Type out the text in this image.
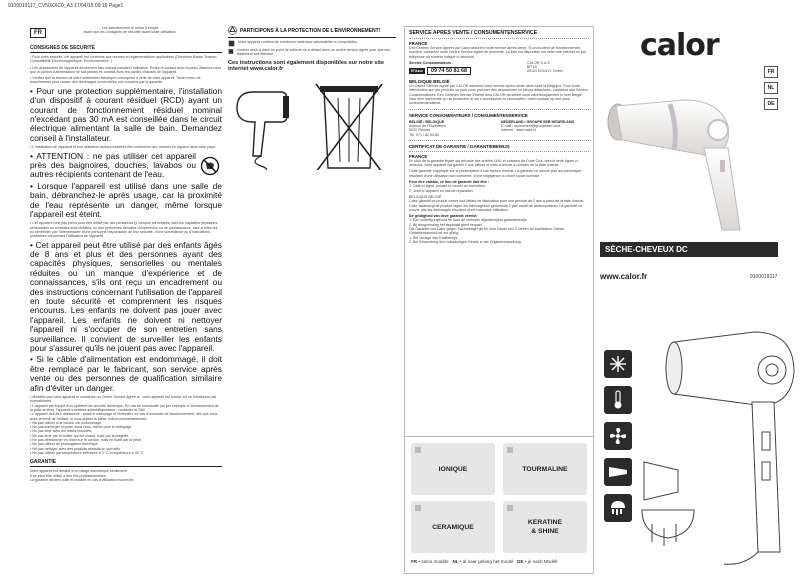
9100019117_CV50XXC0_A3 17/04/15 09:16 Page1
FR
Lire attentivement le mode d'emploi
avant que les consignes de sécurité avant toute utilisation.
CONSIGNES DE SECURITE
• Pour votre sécurité, cet appareil est conforme aux normes et réglementations applicables (Directives Basse Tension, Compatibilité Electromagnétique, Environnement...).
• Les accessoires de l'appareil deviennent très chauds pendant l'utilisation. Evitez le contact avec la peau. Assurez-vous que le cordon d'alimentation ne soit jamais en contact avec les parties chaudes de l'appareil.
• Vérifiez que la tension de votre installation électrique correspond à celle de votre appareil. Toute erreur de branchement peut causer des dommages irréversibles non couverts par la garantie.
• Pour une protection supplémentaire, l'installation d'un dispositif à courant résiduel (RCD) ayant un courant de fonctionnement résiduel nominal n'excédant pas 30 mA est conseillée dans le circuit électrique alimentant la salle de bain. Demandez conseil à l'installateur.
• L'installation de l'appareil et son utilisation doivent toutefois être conformes aux normes en vigueur dans votre pays.
• ATTENTION : ne pas utiliser cet appareil près des baignoires, douches, lavabos ou autres récipients contenant de l'eau.
• Lorsque l'appareil est utilisé dans une salle de bain, débranchez-le après usage, car la proximité de l'eau représente un danger, même lorsque l'appareil est éteint.
• Cet appareil n'est pas prévu pour être utilisé par des personnes (y compris les enfants) dont les capacités physiques, sensorielles ou mentales sont réduites, ou des personnes dénuées d'expérience ou de connaissance, sauf si elles ont pu bénéficier, par l'intermédiaire d'une personne responsable de leur sécurité, d'une surveillance ou d'instructions préalables concernant l'utilisation de l'appareil.
• Cet appareil peut être utilisé par des enfants âgés de 8 ans et plus et des personnes ayant des capacités physiques, sensorielles ou mentales réduites ou un manque d'expérience et de connaissances, s'ils ont reçu un encadrement ou des instructions concernant l'utilisation de l'appareil en toute sécurité et comprennent les risques encourus. Les enfants ne doivent pas jouer avec l'appareil. Les enfants ne doivent ni nettoyer l'appareil ni s'occuper de son entretien sans surveillance. Il convient de surveiller les enfants pour s'assurer qu'ils ne jouent pas avec l'appareil.
• Si le câble d'alimentation est endommagé, il doit être remplacé par le fabricant, son service après vente ou des personnes de qualification similaire afin d'éviter un danger.
• Modifiez pas votre appareil et contactez un Centre Service Agréé si : votre appareil est tombé, s'il ne fonctionne pas normalement.
• L'appareil est équipé d'un système de sécurité thermique. En cas de surchauffe (dû par exemple à l'encrassement de la grille arrière), l'appareil s'arrêtera automatiquement : contactez le SAV.
• L'appareil doit être débranché : avant le nettoyage et l'entretien, en cas d'anomalie de fonctionnement, dès que vous avez terminé de l'utiliser, si vous quittez la pièce, même momentanément.
• Ne pas utiliser si le cordon est endommagé.
• Ne pas immerger ni poser sous l'eau, même pour le nettoyage.
• Ne pas tenir avec les mains humides.
• Ne pas tenir par le boîtier qui est chaud, mais par la poignée.
• Ne pas débrancher en tirant sur le cordon, mais en tirant par la prise.
• Ne pas utiliser de prolongateur électrique.
• Ne pas nettoyer avec des produits abrasifs ou corrosifs.
• Ne pas utiliser par température inférieure à 0 °C et supérieure à 35 °C.
GARANTIE
Votre appareil est destiné à un usage domestique seulement.
Il ne peut être utilisé à des fins professionnelles.
La garantie devient nulle et invalide en cas d'utilisation incorrecte.
PARTICIPONS À LA PROTECTION DE L'ENVIRONNEMENT!
Votre appareil contient de nombreux matériaux valorisables ou recyclables.
Confiez celui-ci dans un point de collecte ou à défaut dans un centre service agréé pour que son traitement soit effectué.
Ces instructions sont également disponibles sur notre site internet www.calor.fr
SERVICE APRES VENTE / CONSUMENTENSERVICE
FRANCE
Des Centres Service Agréés par Calor assurent notre service après-vente. Si un incident de fonctionnement survient, contactez votre Centre Service Agréé de proximité. La liste est disponible sur notre site internet ou par téléphone au numéro indiqué ci-dessous.
Service Consommateurs :
N°Azur	09 74 50 81 68
CALOR S.A.S
BP 15
69131 ECULLY Cedex
BELGIQUE BELGIË
Un Centre Service Agréé par CALOR assurent notre service après-vente dans toute la Belgique. Pour toute intervention sur vos produits ou pour vous procurer des accessoires ou pièces détachées, contactez nos Service Consommateurs. Een Centrum Service Erkend door CALOR verzekert onze naverkoopservice in heel België. Voor elke interventie op uw producten of om u accessoires te verschaffen, neem contact op met onze consumentendienst.
SERVICE CONSOMMATEURS / CONSUMENTENSERVICE
BELGIË / BELGIQUE
Avenue de l'Espérance
6220 Fleurus
Tél. 071 / 82.53.60
NEDERLAND / GROUPE SEB NEDERLAND
E-mail : consument@groupeseb.com
Internet : www.calor.nl
CERTIFICAT DE GARANTIE / GARANTIEBEWIJS
FRANCE
En plus de la garantie légale qui découle des articles 1641 et suivants du Code Civil, dont le texte figure ci-dessous, votre appareil est garanti 2 ans pièces et main-d'œuvre à compter de la date d'achat.
Cette garantie s'applique sur la présentation d'une facture d'achat. La garantie ne couvre pas les dommages résultant d'une utilisation non conforme, d'une négligence ou d'une usure normale.
Pour être valable, ce bon de garantie doit être :
1. Daté et signé, portant le cachet du revendeur.
2. Joint à l'appareil en cas de réparation.
BELGIQUE BELGIË
Calor garantit ce produit contre tout défaut de fabrication pour une période de 2 ans à partir de la date d'achat. Calor waarborgt dit product tegen elk fabricagefout gedurende 2 jaar vanaf de aankoopdatum. La garantie ne couvre pas les dommages résultant d'une mauvaise utilisation.
De geldigheid van deze garantie vereist:
1. Een volledig ingevuld en door de verkoper afgestempeld garantiebewijs.
2. Bij terugzending het apparaat goed verpakt.
Die Garantie von Calor gegen Sachmängel gilt für eine Dauer von 2 Jahren ab Kaufdatum. Dieser Garantieanspruch ist nur gültig:
1. Bei Vorlage des Kaufbelegs.
2. Bei Einsendung des vollständigen Geräts in der Originalverpackung.
IONIQUE	TOURMALINE
CERAMIQUE
KERATINE
& SHINE
FR • selon modèle NL • al naar gelang het model DE • je nach Modell
calor
FR
NL
DE
SÈCHE-CHEVEUX DC
www.calor.fr	9100019117
